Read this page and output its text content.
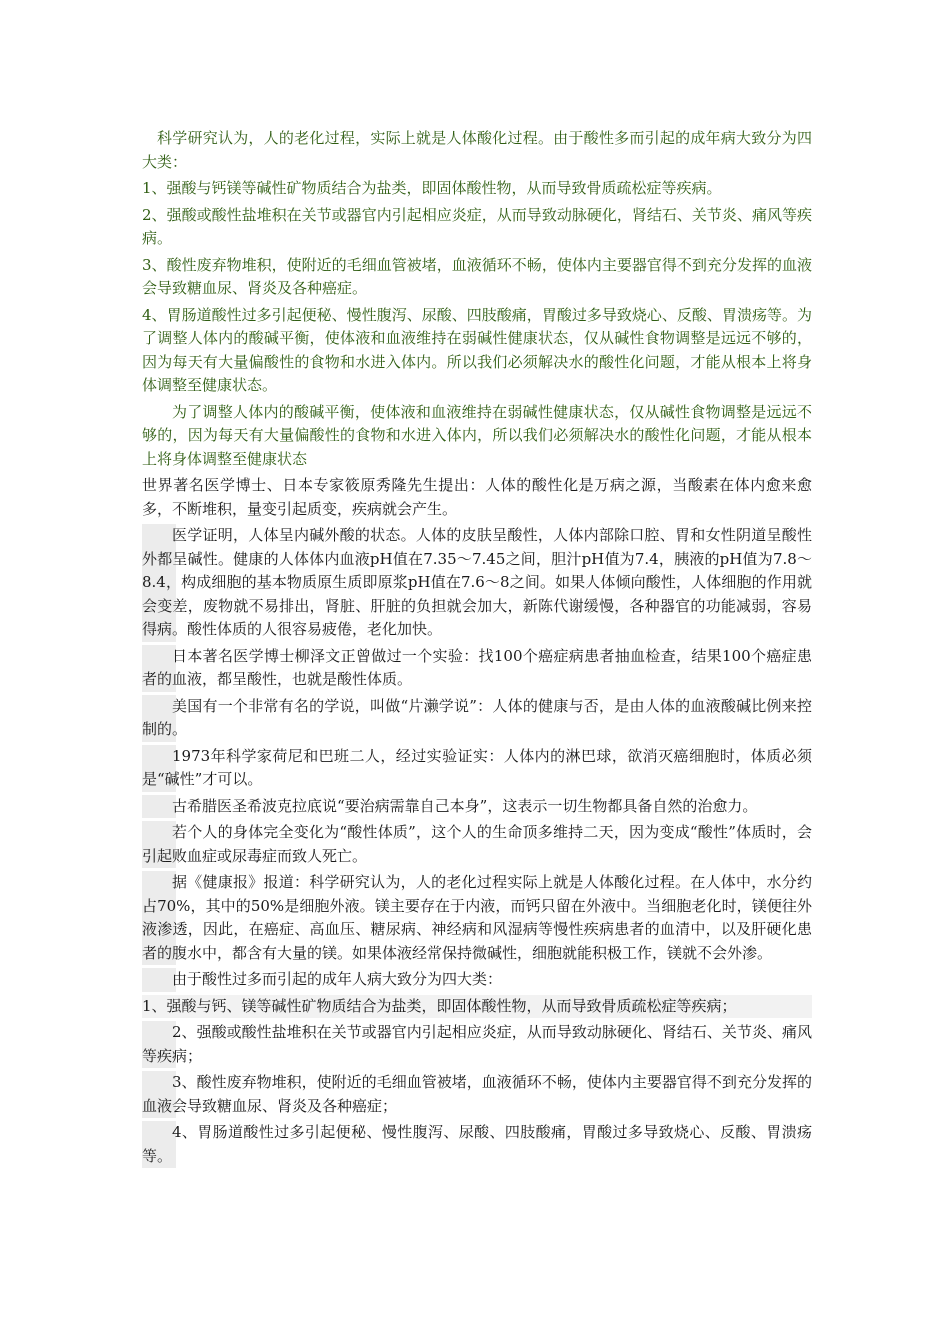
科学研究认为，人的老化过程，实际上就是人体酸化过程。由于酸性多而引起的成年病大致分为四大类：

1、强酸与钙镁等碱性矿物质结合为盐类，即固体酸性物，从而导致骨质疏松症等疾病。

2、强酸或酸性盐堆积在关节或器官内引起相应炎症，从而导致动脉硬化，肾结石、关节炎、痛风等疾病。

3、酸性废弃物堆积，使附近的毛细血管被堵，血液循环不畅，使体内主要器官得不到充分发挥的血液会导致糖血尿、肾炎及各种癌症。

4、胃肠道酸性过多引起便秘、慢性腹泻、尿酸、四肢酸痛，胃酸过多导致烧心、反酸、胃溃疡等。为了调整人体内的酸碱平衡，使体液和血液维持在弱碱性健康状态，仅从碱性食物调整是远远不够的，因为每天有大量偏酸性的食物和水进入体内。所以我们必须解决水的酸性化问题，才能从根本上将身体调整至健康状态。

为了调整人体内的酸碱平衡，使体液和血液维持在弱碱性健康状态，仅从碱性食物调整是远远不够的，因为每天有大量偏酸性的食物和水进入体内，所以我们必须解决水的酸性化问题，才能从根本上将身体调整至健康状态

世界著名医学博士、日本专家筱原秀隆先生提出：人体的酸性化是万病之源，当酸素在体内愈来愈多，不断堆积，量变引起质变，疾病就会产生。

医学证明，人体呈内碱外酸的状态。人体的皮肤呈酸性，人体内部除口腔、胃和女性阴道呈酸性外都呈碱性。健康的人体体内血液pH值在7.35～7.45之间，胆汁pH值为7.4，胰液的pH值为7.8～8.4，构成细胞的基本物质原生质即原浆pH值在7.6～8之间。如果人体倾向酸性，人体细胞的作用就会变差，废物就不易排出，肾脏、肝脏的负担就会加大，新陈代谢缓慢，各种器官的功能减弱，容易得病。酸性体质的人很容易疲倦，老化加快。

日本著名医学博士柳泽文正曾做过一个实验：找100个癌症病患者抽血检查，结果100个癌症患者的血液，都呈酸性，也就是酸性体质。

美国有一个非常有名的学说，叫做“片濑学说”：人体的健康与否，是由人体的血液酸碱比例来控制的。

1973年科学家荷尼和巴班二人，经过实验证实：人体内的淋巴球，欲消灭癌细胞时，体质必须是“碱性”才可以。

古希腊医圣希波克拉底说“要治病需靠自己本身”，这表示一切生物都具备自然的治愈力。

若个人的身体完全变化为“酸性体质”，这个人的生命顶多维持二天，因为变成“酸性”体质时，会引起败血症或尿毒症而致人死亡。

据《健康报》报道：科学研究认为，人的老化过程实际上就是人体酸化过程。在人体中，水分约占70%，其中的50%是细胞外液。镁主要存在于内液，而钙只留在外液中。当细胞老化时，镁便往外液渗透，因此，在癌症、高血压、糖尿病、神经病和风湿病等慢性疾病患者的血清中，以及肝硬化患者的腹水中，都含有大量的镁。如果体液经常保持微碱性，细胞就能积极工作，镁就不会外渗。

由于酸性过多而引起的成年人病大致分为四大类：

1、强酸与钙、镁等碱性矿物质结合为盐类，即固体酸性物，从而导致骨质疏松症等疾病；

2、强酸或酸性盐堆积在关节或器官内引起相应炎症，从而导致动脉硬化、肾结石、关节炎、痛风等疾病；

3、酸性废弃物堆积，使附近的毛细血管被堵，血液循环不畅，使体内主要器官得不到充分发挥的血液会导致糖血尿、肾炎及各种癌症；

4、胃肠道酸性过多引起便秘、慢性腹泻、尿酸、四肢酸痛，胃酸过多导致烧心、反酸、胃溃疡等。
